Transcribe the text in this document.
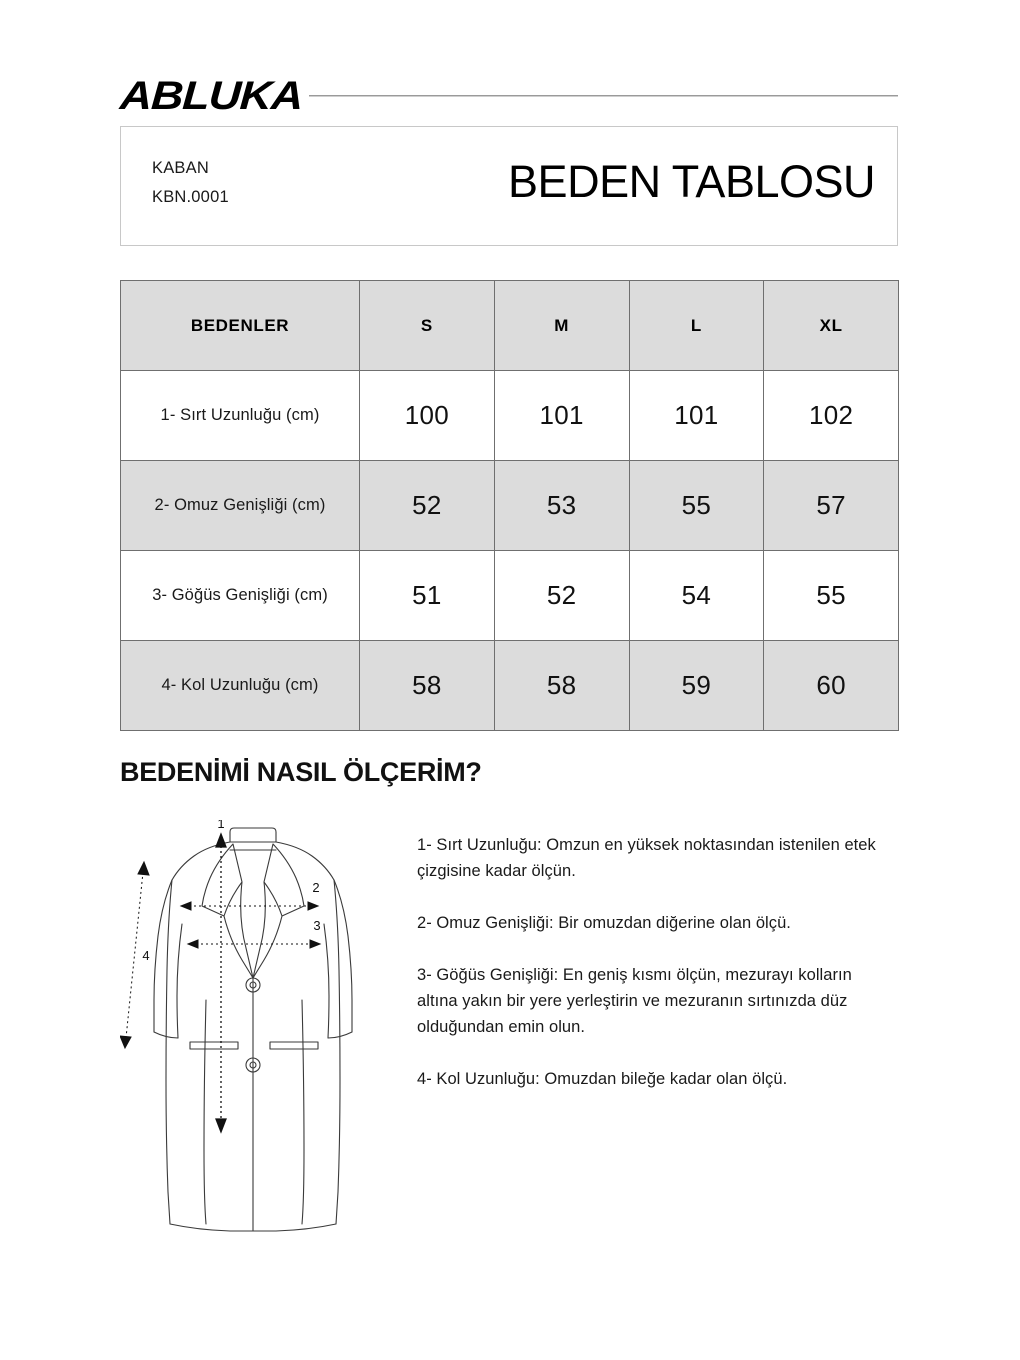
ABLUKA
KABAN
KBN.0001	BEDEN TABLOSU
BEDENLER	S	M	L	XL
1- Sırt Uzunluğu (cm)	100	101	101	102
2- Omuz Genişliği (cm)	52	53	55	57
3- Göğüs Genişliği (cm)	51	52	54	55
4- Kol Uzunluğu (cm)	58	58	59	60
BEDENİMİ NASIL ÖLÇERİM?
1
2
3
4
1- Sırt Uzunluğu: Omzun en yüksek noktasından istenilen etek çizgisine kadar ölçün.
2- Omuz Genişliği: Bir omuzdan diğerine olan ölçü.
3- Göğüs Genişliği: En geniş kısmı ölçün, mezurayı kolların altına yakın bir yere yerleştirin ve mezuranın sırtınızda düz olduğundan emin olun.
4- Kol Uzunluğu: Omuzdan bileğe kadar olan ölçü.
